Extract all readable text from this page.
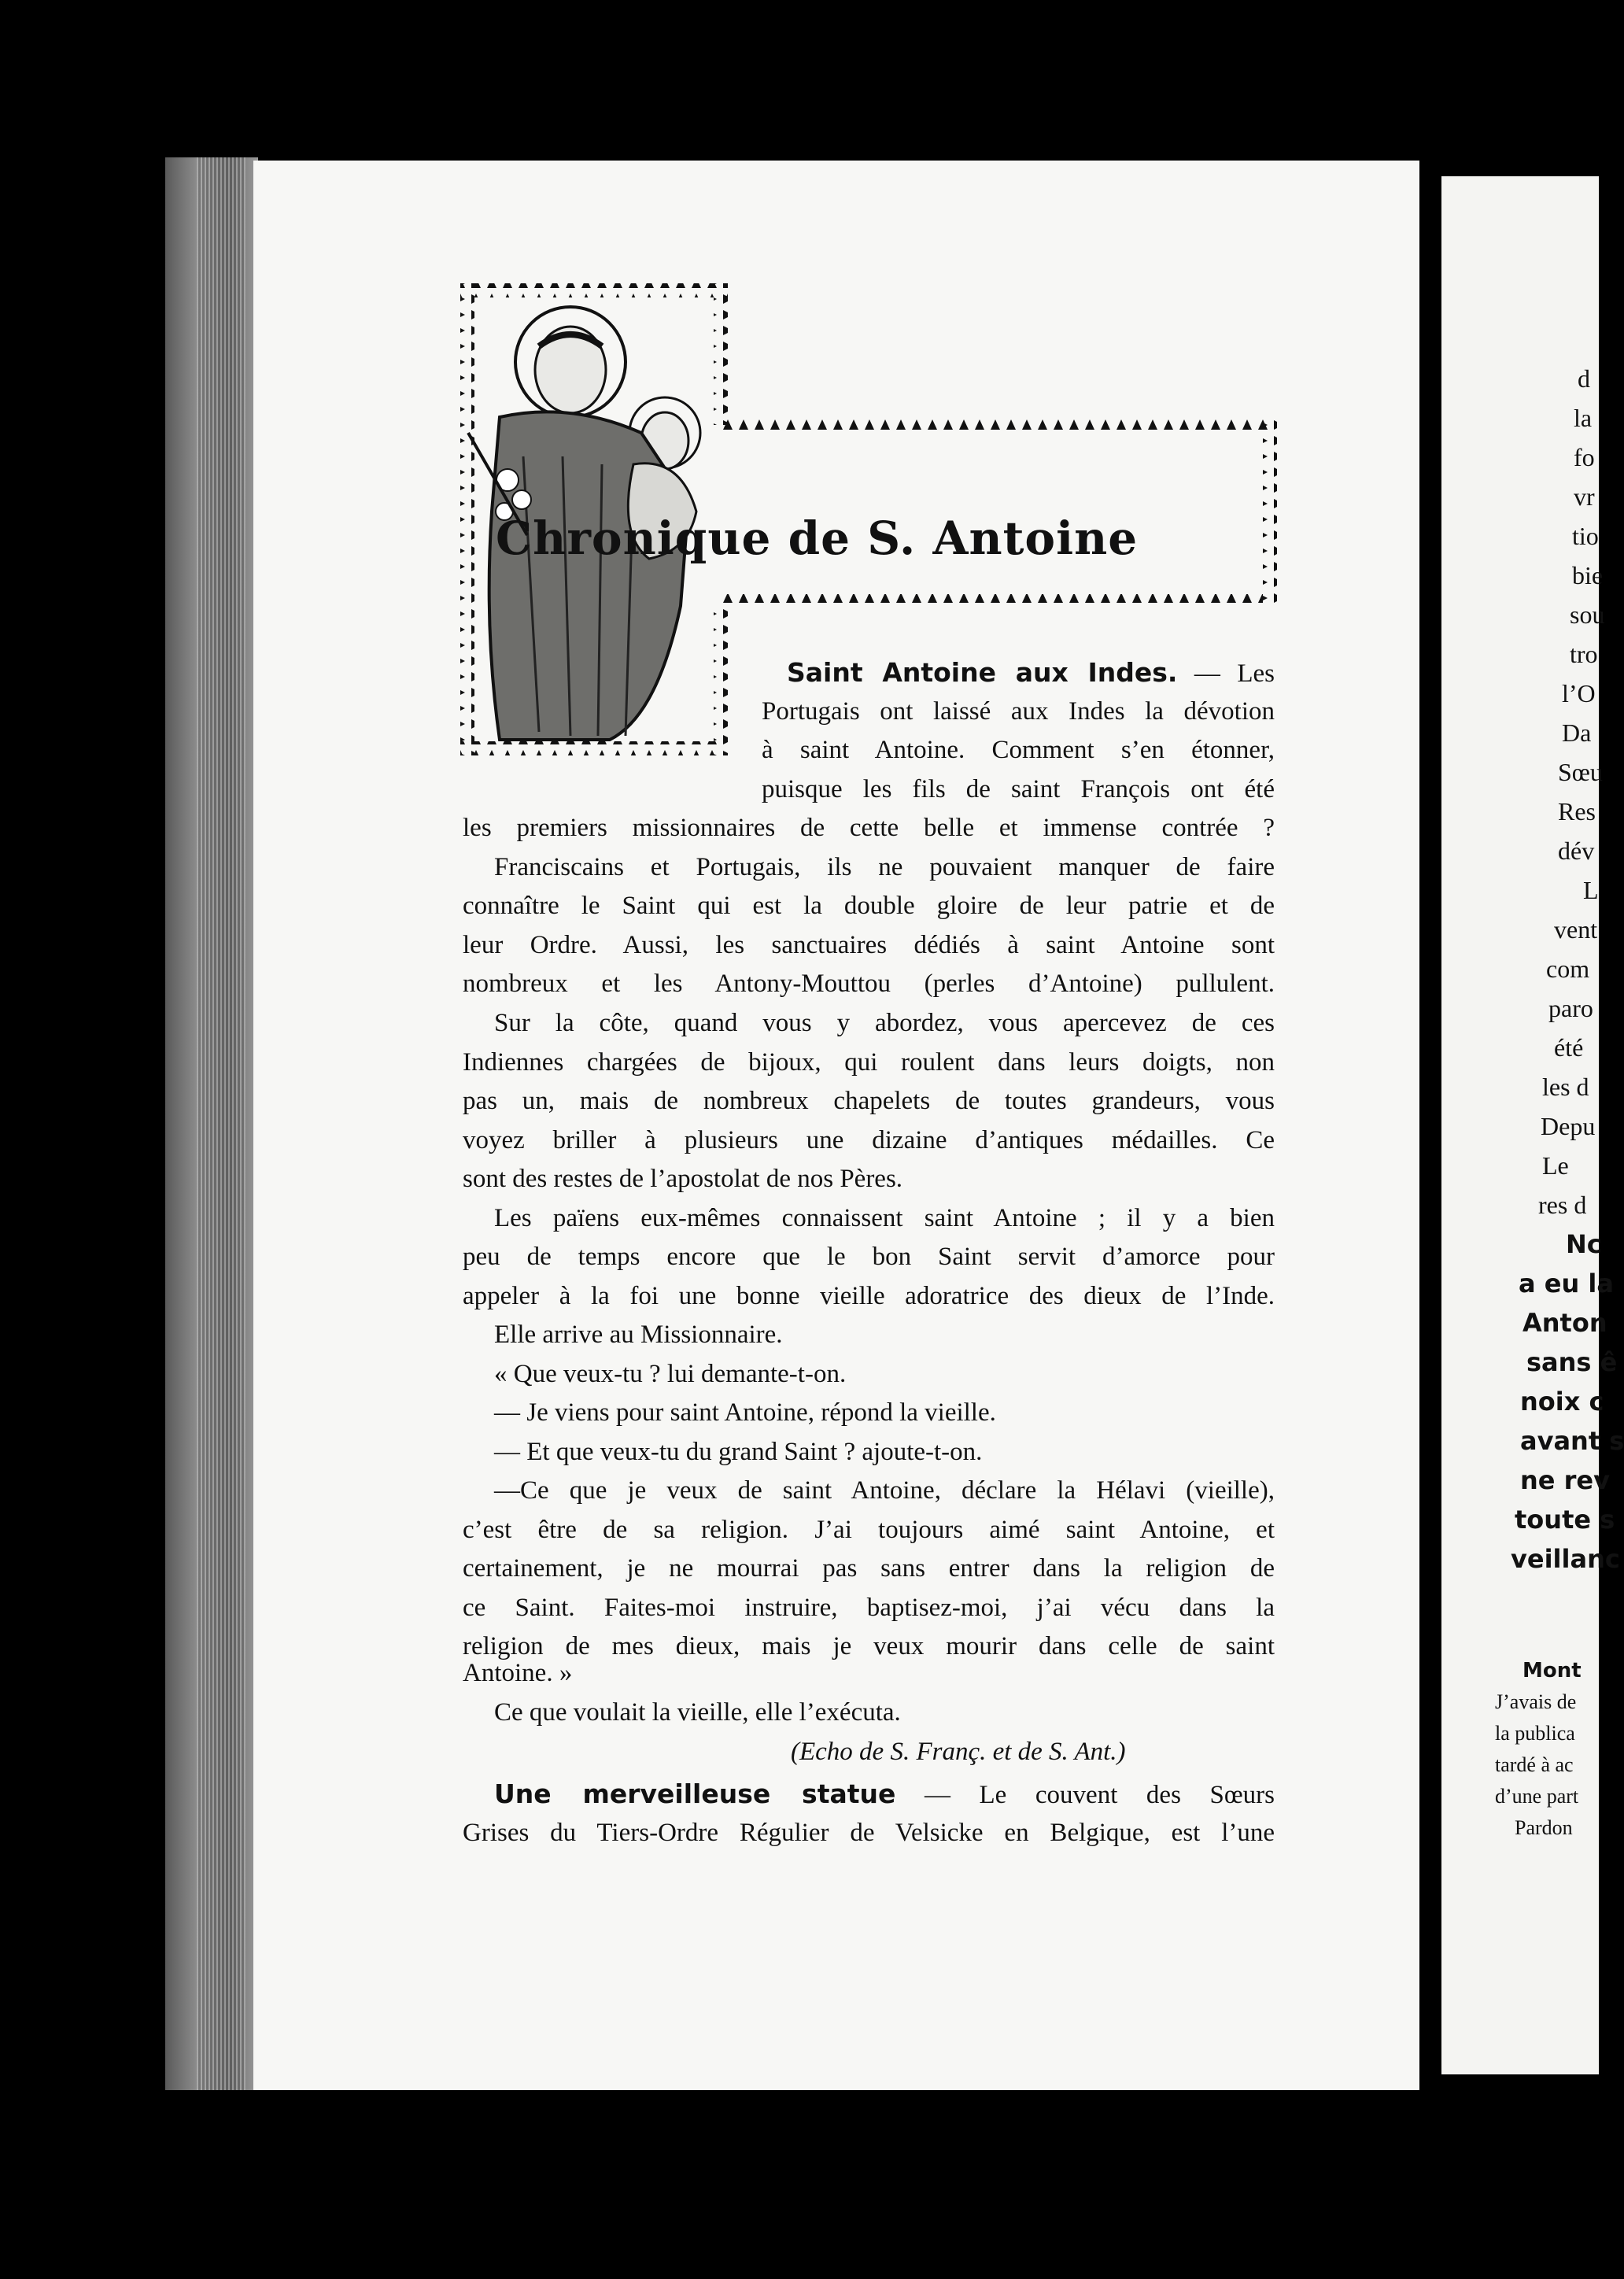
Chronique de S. Antoine
Saint Antoine aux Indes. — Les
Portugais ont laissé aux Indes la dévotion
à saint Antoine. Comment s’en étonner,
puisque les fils de saint François ont été
les premiers missionnaires de cette belle et immense contrée ?
Franciscains et Portugais, ils ne pouvaient manquer de faire
connaître le Saint qui est la double gloire de leur patrie et de
leur Ordre. Aussi, les sanctuaires dédiés à saint Antoine sont
nombreux et les Antony-Mouttou (perles d’Antoine) pullulent.
Sur la côte, quand vous y abordez, vous apercevez de ces
Indiennes chargées de bijoux, qui roulent dans leurs doigts, non
pas un, mais de nombreux chapelets de toutes grandeurs, vous
voyez briller à plusieurs une dizaine d’antiques médailles. Ce
sont des restes de l’apostolat de nos Pères.
Les païens eux-mêmes connaissent saint Antoine ; il y a bien
peu de temps encore que le bon Saint servit d’amorce pour
appeler à la foi une bonne vieille adoratrice des dieux de l’Inde.
Elle arrive au Missionnaire.
« Que veux-tu ? lui demante-t-on.
— Je viens pour saint Antoine, répond la vieille.
— Et que veux-tu du grand Saint ? ajoute-t-on.
—Ce que je veux de saint Antoine, déclare la Hélavi (vieille),
c’est être de sa religion. J’ai toujours aimé saint Antoine, et
certainement, je ne mourrai pas sans entrer dans la religion de
ce Saint. Faites-moi instruire, baptisez-moi, j’ai vécu dans la
religion de mes dieux, mais je veux mourir dans celle de saint
Antoine. »
Ce que voulait la vieille, elle l’exécuta.
(Echo de S. Franç. et de S. Ant.)
Une merveilleuse statue — Le couvent des Sœurs
Grises du Tiers-Ordre Régulier de Velsicke en Belgique, est l’une
d
la
fo
vr
tio
bie
sou
tro
l’O
Da
Sœu
Res
dév
L
vent
com
paro
été
les d
Depu
Le
res d
Nc
a eu la
Anton
sans ê
noix c
avant s
ne rev
toute s
veillanc
Mont
J’avais de
la publica
tardé à ac
d’une part
Pardon
